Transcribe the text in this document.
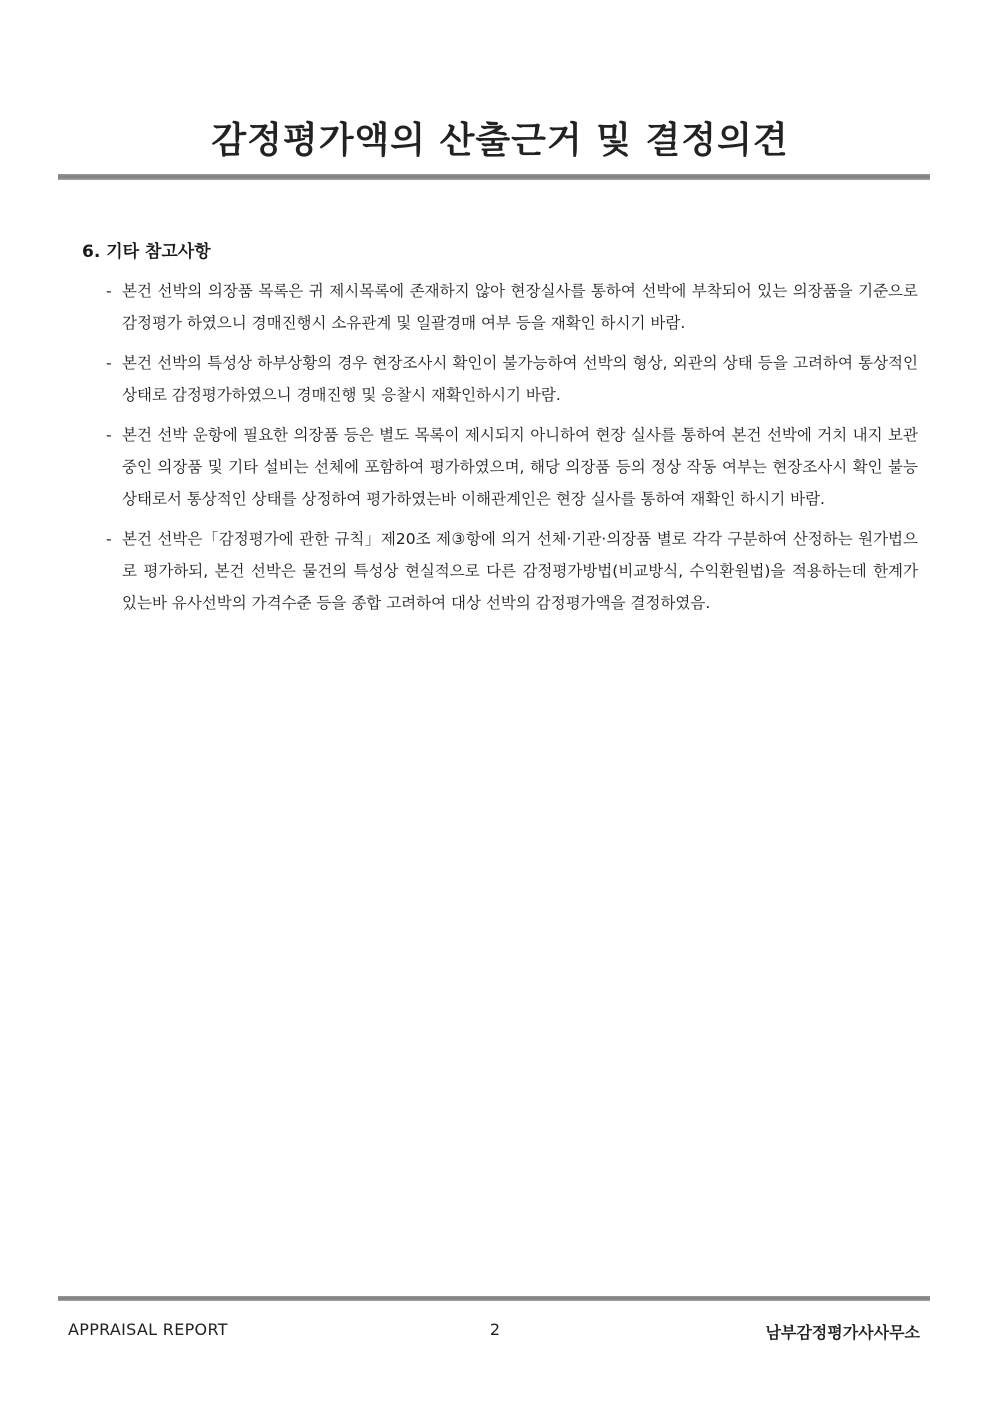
감정평가액의 산출근거 및 결정의견
6. 기타 참고사항
- 본건 선박의 의장품 목록은 귀 제시목록에 존재하지 않아 현장실사를 통하여 선박에 부착되어 있는 의장품을 기준으로 감정평가 하였으니 경매진행시 소유관계 및 일괄경매 여부 등을 재확인 하시기 바람.
- 본건 선박의 특성상 하부상황의 경우 현장조사시 확인이 불가능하여 선박의 형상, 외관의 상태 등을 고려하여 통상적인 상태로 감정평가하였으니 경매진행 및 응찰시 재확인하시기 바람.
- 본건 선박 운항에 필요한 의장품 등은 별도 목록이 제시되지 아니하여 현장 실사를 통하여 본건 선박에 거치 내지 보관 중인 의장품 및 기타 설비는 선체에 포함하여 평가하였으며, 해당 의장품 등의 정상 작동 여부는 현장조사시 확인 불능상태로서 통상적인 상태를 상정하여 평가하였는바 이해관계인은 현장 실사를 통하여 재확인 하시기 바람.
- 본건 선박은「감정평가에 관한 규칙」제20조 제③항에 의거 선체·기관·의장품 별로 각각 구분하여 산정하는 원가법으로 평가하되, 본건 선박은 물건의 특성상 현실적으로 다른 감정평가방법(비교방식, 수익환원법)을 적용하는데 한계가 있는바 유사선박의 가격수준 등을 종합 고려하여 대상 선박의 감정평가액을 결정하였음.
APPRAISAL REPORT	2	남부감정평가사사무소
